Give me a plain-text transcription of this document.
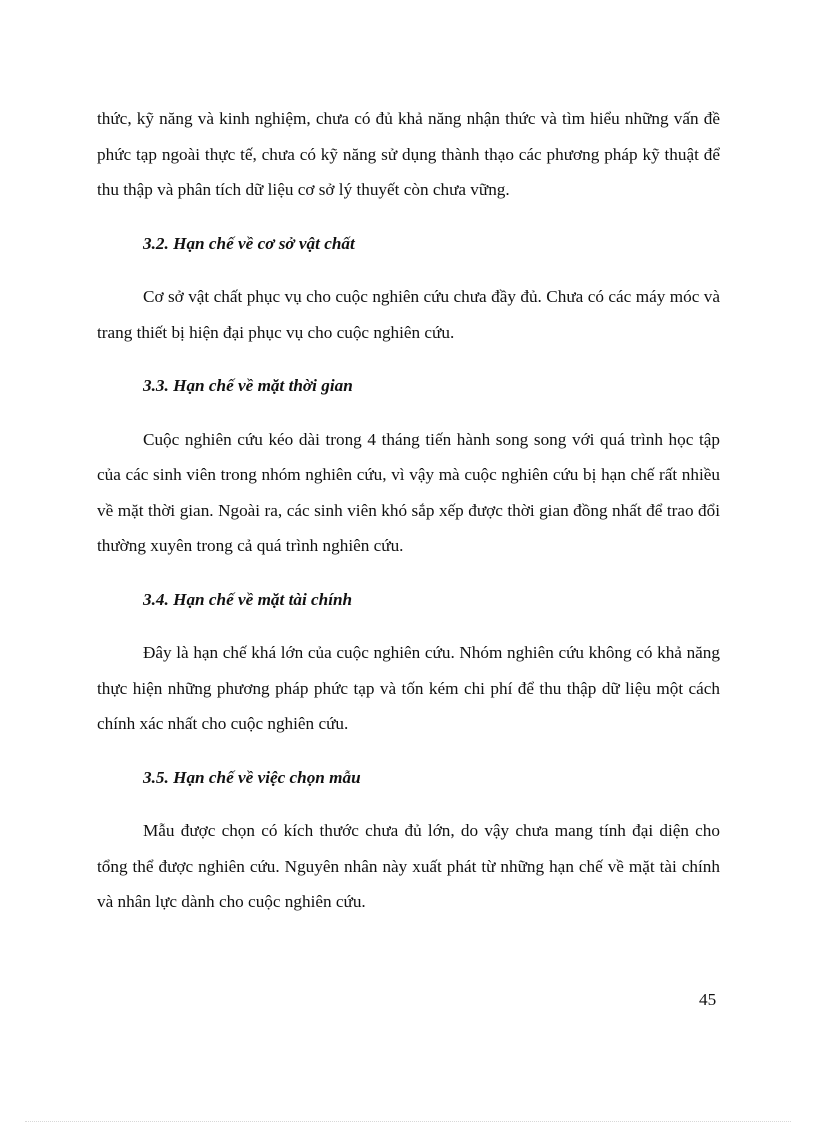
thức, kỹ năng và kinh nghiệm, chưa có đủ khả năng nhận thức và tìm hiểu những vấn đề phức tạp ngoài thực tế, chưa có kỹ năng sử dụng thành thạo các phương pháp kỹ thuật để thu thập và phân tích dữ liệu cơ sở lý thuyết còn chưa vững.

3.2. Hạn chế về cơ sở vật chất

Cơ sở vật chất phục vụ cho cuộc nghiên cứu chưa đầy đủ. Chưa có các máy móc và trang thiết bị hiện đại phục vụ cho cuộc nghiên cứu.

3.3. Hạn chế về mặt thời gian

Cuộc nghiên cứu kéo dài trong 4 tháng tiến hành song song với quá trình học tập của các sinh viên trong nhóm nghiên cứu, vì vậy mà cuộc nghiên cứu bị hạn chế rất nhiều về mặt thời gian. Ngoài ra, các sinh viên khó sắp xếp được thời gian đồng nhất để trao đổi thường xuyên trong cả quá trình nghiên cứu.

3.4. Hạn chế về mặt tài chính

Đây là hạn chế khá lớn của cuộc nghiên cứu. Nhóm nghiên cứu không có khả năng thực hiện những phương pháp phức tạp và tốn kém chi phí để thu thập dữ liệu một cách chính xác nhất cho cuộc nghiên cứu.

3.5. Hạn chế về việc chọn mẫu

Mẫu được chọn có kích thước chưa đủ lớn, do vậy chưa mang tính đại diện cho tổng thể được nghiên cứu. Nguyên nhân này xuất phát từ những hạn chế về mặt tài chính và nhân lực dành cho cuộc nghiên cứu.

45
